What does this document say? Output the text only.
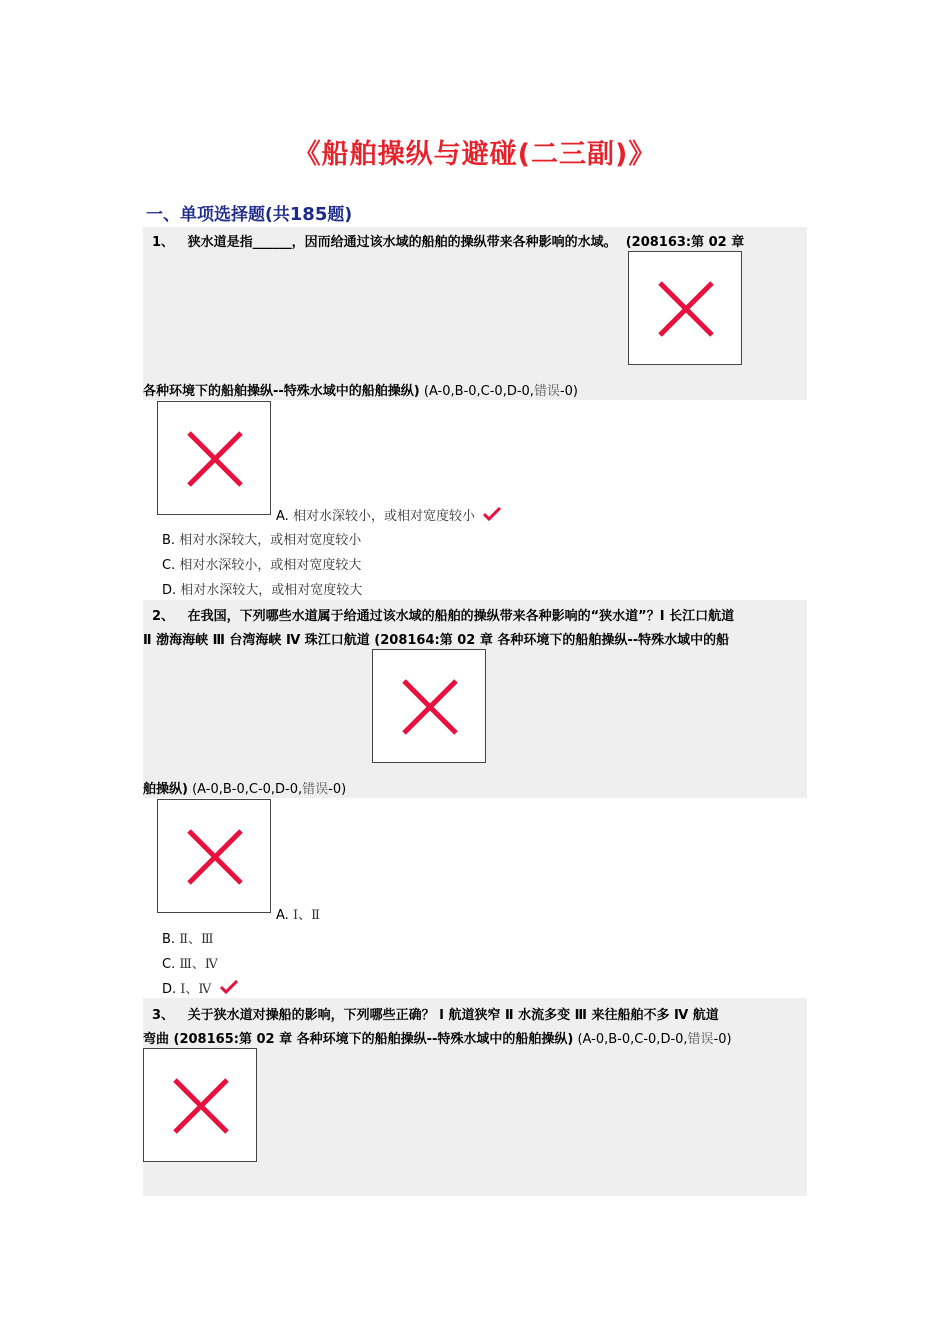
《船舶操纵与避碰(二三副)》
一、单项选择题(共185题)
1、 狭水道是指______，因而给通过该水域的船舶的操纵带来各种影响的水域。 (208163:第 02 章
各种环境下的船舶操纵--特殊水域中的船舶操纵) (A-0,B-0,C-0,D-0,错误-0)
A. 相对水深较小，或相对宽度较小
B. 相对水深较大，或相对宽度较小
C. 相对水深较小，或相对宽度较大
D. 相对水深较大，或相对宽度较大
2、 在我国，下列哪些水道属于给通过该水域的船舶的操纵带来各种影响的“狭水道”？Ⅰ 长江口航道
Ⅱ 渤海海峡 Ⅲ 台湾海峡 Ⅳ 珠江口航道 (208164:第 02 章 各种环境下的船舶操纵--特殊水域中的船
舶操纵) (A-0,B-0,C-0,D-0,错误-0)
A. Ⅰ、Ⅱ
B. Ⅱ、Ⅲ
C. Ⅲ、Ⅳ
D. Ⅰ、Ⅳ
3、 关于狭水道对操船的影响，下列哪些正确？ Ⅰ 航道狭窄 Ⅱ 水流多变 Ⅲ 来往船舶不多 Ⅳ 航道
弯曲 (208165:第 02 章 各种环境下的船舶操纵--特殊水域中的船舶操纵) (A-0,B-0,C-0,D-0,错误-0)
